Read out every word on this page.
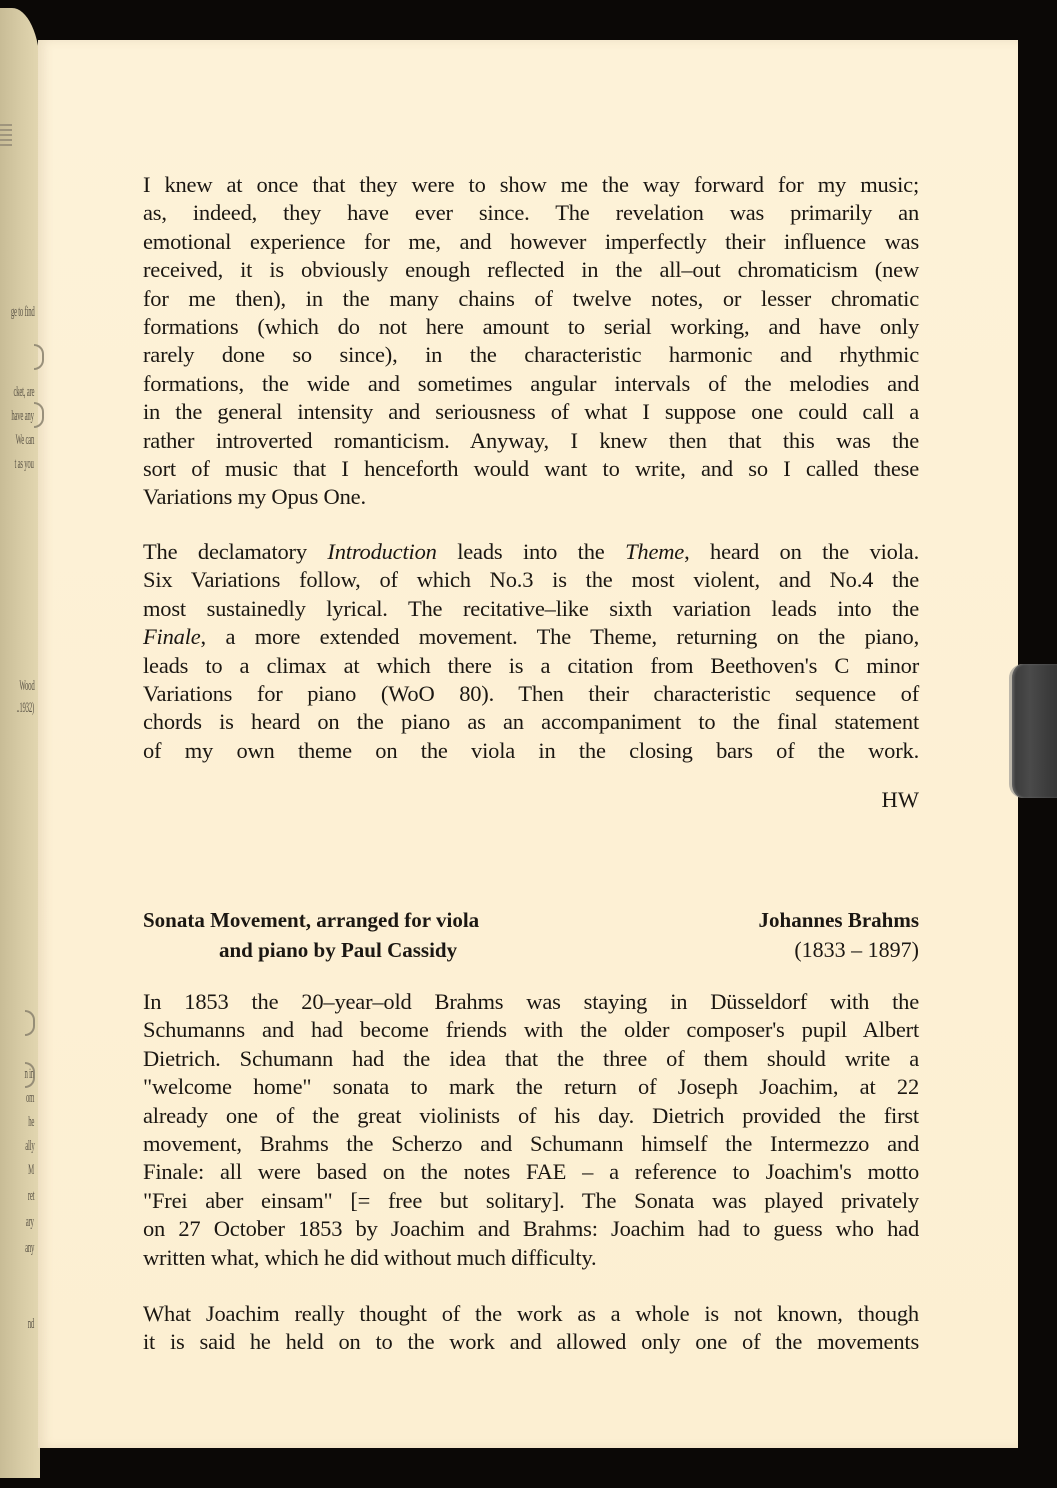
ge to find
cket, are
have any
We can
t as you
Wood
..1932)
n in
om
he
ally
M
ret
ary
any
nd
I knew at once that they were to show me the way forward for my music;
as, indeed, they have ever since. The revelation was primarily an
emotional experience for me, and however imperfectly their influence was
received, it is obviously enough reflected in the all–out chromaticism (new
for me then), in the many chains of twelve notes, or lesser chromatic
formations (which do not here amount to serial working, and have only
rarely done so since), in the characteristic harmonic and rhythmic
formations, the wide and sometimes angular intervals of the melodies and
in the general intensity and seriousness of what I suppose one could call a
rather introverted romanticism. Anyway, I knew then that this was the
sort of music that I henceforth would want to write, and so I called these
Variations my Opus One.
The declamatory Introduction leads into the Theme, heard on the viola.
Six Variations follow, of which No.3 is the most violent, and No.4 the
most sustainedly lyrical. The recitative–like sixth variation leads into the
Finale, a more extended movement. The Theme, returning on the piano,
leads to a climax at which there is a citation from Beethoven's C minor
Variations for piano (WoO 80). Then their characteristic sequence of
chords is heard on the piano as an accompaniment to the final statement
of my own theme on the viola in the closing bars of the work.
HW
Sonata Movement, arranged for viola
and piano by Paul Cassidy
Johannes Brahms
(1833 – 1897)
In 1853 the 20–year–old Brahms was staying in Düsseldorf with the
Schumanns and had become friends with the older composer's pupil Albert
Dietrich. Schumann had the idea that the three of them should write a
"welcome home" sonata to mark the return of Joseph Joachim, at 22
already one of the great violinists of his day. Dietrich provided the first
movement, Brahms the Scherzo and Schumann himself the Intermezzo and
Finale: all were based on the notes FAE – a reference to Joachim's motto
"Frei aber einsam" [= free but solitary]. The Sonata was played privately
on 27 October 1853 by Joachim and Brahms: Joachim had to guess who had
written what, which he did without much difficulty.
What Joachim really thought of the work as a whole is not known, though
it is said he held on to the work and allowed only one of the movements
